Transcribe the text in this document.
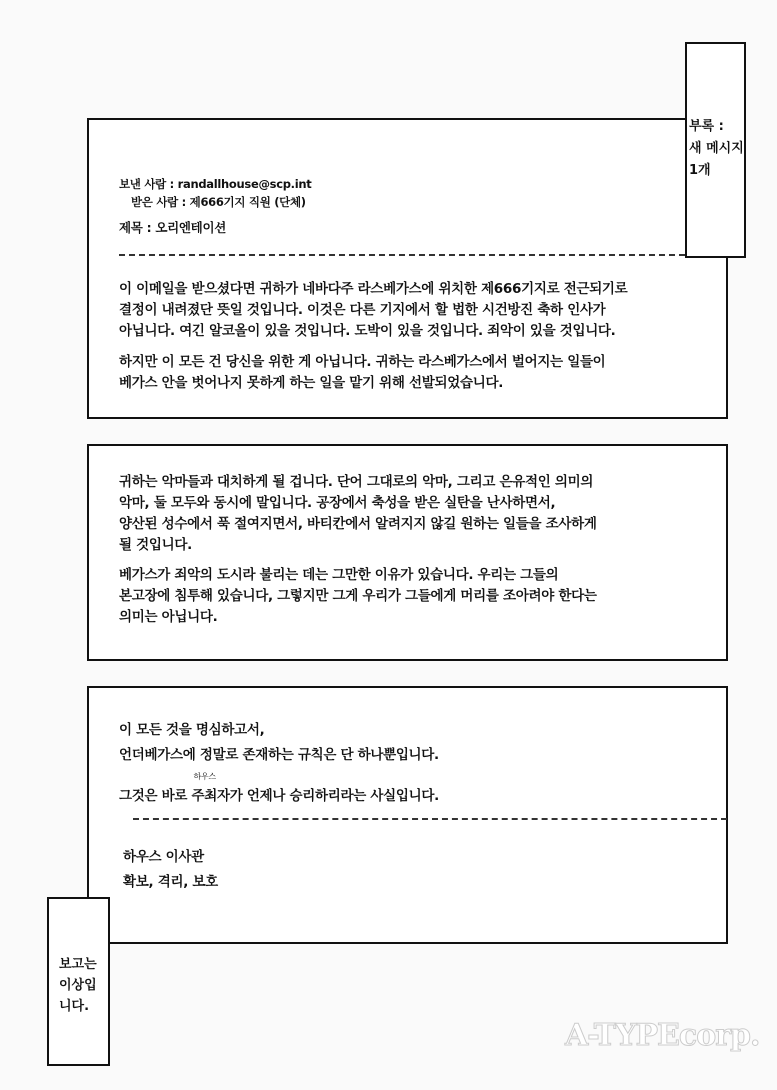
보낸 사람 : randallhouse@scp.int
받은 사람 : 제666기지 직원 (단체)
제목 : 오리엔테이션
이 이메일을 받으셨다면 귀하가 네바다주 라스베가스에 위치한 제666기지로 전근되기로
결정이 내려졌단 뜻일 것입니다. 이것은 다른 기지에서 할 법한 시건방진 축하 인사가
아닙니다. 여긴 알코올이 있을 것입니다. 도박이 있을 것입니다. 죄악이 있을 것입니다.
하지만 이 모든 건 당신을 위한 게 아닙니다. 귀하는 라스베가스에서 벌어지는 일들이
베가스 안을 벗어나지 못하게 하는 일을 맡기 위해 선발되었습니다.
부록 :
새 메시지
1개
귀하는 악마들과 대치하게 될 겁니다. 단어 그대로의 악마, 그리고 은유적인 의미의
악마, 둘 모두와 동시에 말입니다. 공장에서 축성을 받은 실탄을 난사하면서,
양산된 성수에서 푹 절여지면서, 바티칸에서 알려지지 않길 원하는 일들을 조사하게
될 것입니다.
베가스가 죄악의 도시라 불리는 데는 그만한 이유가 있습니다. 우리는 그들의
본고장에 침투해 있습니다, 그렇지만 그게 우리가 그들에게 머리를 조아려야 한다는
의미는 아닙니다.
이 모든 것을 명심하고서,
언더베가스에 정말로 존재하는 규칙은 단 하나뿐입니다.
그것은 바로
하우스
주최자가 언제나 승리하리라는 사실입니다.
하우스 이사관
확보, 격리, 보호
보고는
이상입
니다.
A-TYPEcorp.
